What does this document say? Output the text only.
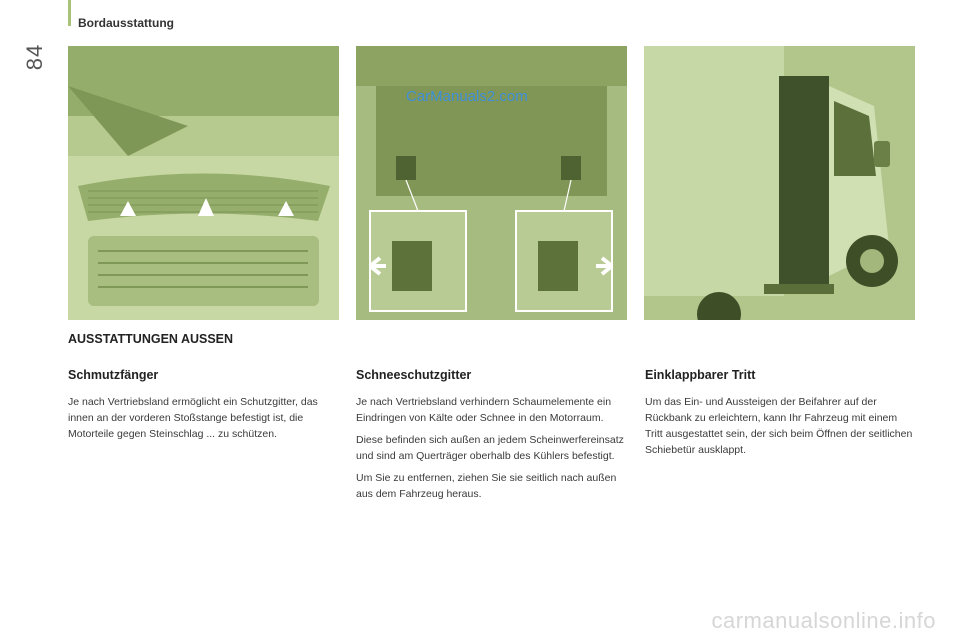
84
Bordausstattung
CarManuals2.com
AUSSTATTUNGEN AUSSEN
Schmutzfänger

Je nach Vertriebsland ermöglicht ein Schutzgitter, das innen an der vorderen Stoßstange befestigt ist, die Motorteile gegen Steinschlag ... zu schützen.

Schneeschutzgitter

Je nach Vertriebsland verhindern Schaumelemente ein Eindringen von Kälte oder Schnee in den Motorraum.

Diese befinden sich außen an jedem Scheinwerfereinsatz und sind am Querträger oberhalb des Kühlers befestigt.

Um Sie zu entfernen, ziehen Sie sie seitlich nach außen aus dem Fahrzeug heraus.

Einklappbarer Tritt

Um das Ein- und Aussteigen der Beifahrer auf der Rückbank zu erleichtern, kann Ihr Fahrzeug mit einem Tritt ausgestattet sein, der sich beim Öffnen der seitlichen Schiebetür ausklappt.

carmanualsonline.info
